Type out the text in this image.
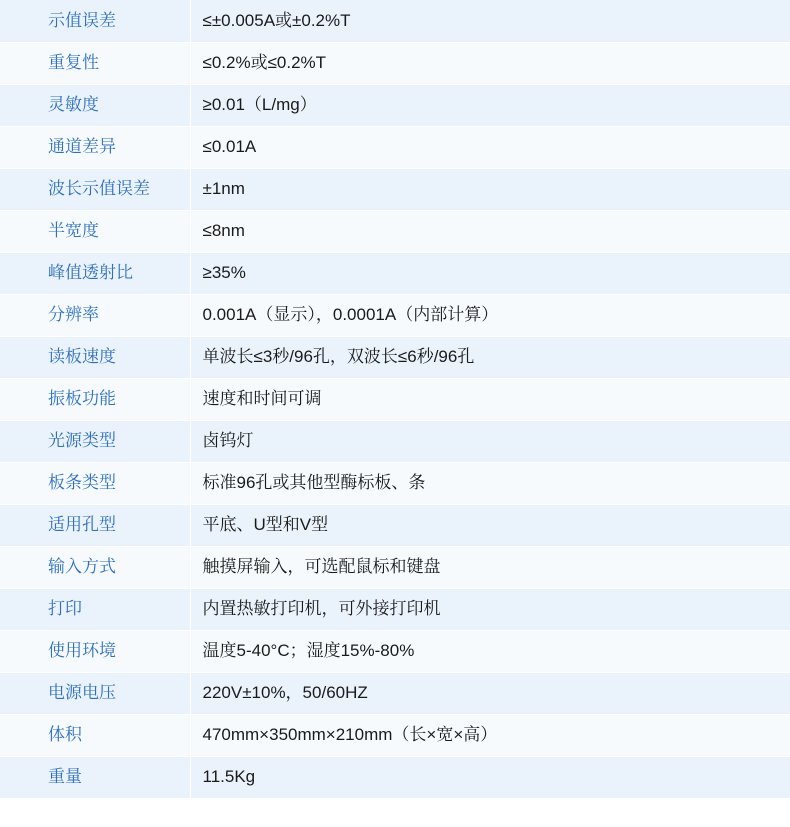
示值误差	≤±0.005A或±0.2%T
重复性	≤0.2%或≤0.2%T
灵敏度	≥0.01（L/mg）
通道差异	≤0.01A
波长示值误差	±1nm
半宽度	≤8nm
峰值透射比	≥35%
分辨率	0.001A（显示），0.0001A（内部计算）
读板速度	单波长≤3秒/96孔，双波长≤6秒/96孔
振板功能	速度和时间可调
光源类型	卤钨灯
板条类型	标准96孔或其他型酶标板、条
适用孔型	平底、U型和V型
输入方式	触摸屏输入，可选配鼠标和键盘
打印	内置热敏打印机，可外接打印机
使用环境	温度5-40°C；湿度15%-80%
电源电压	220V±10%，50/60HZ
体积	470mm×350mm×210mm（长×宽×高）
重量	11.5Kg
